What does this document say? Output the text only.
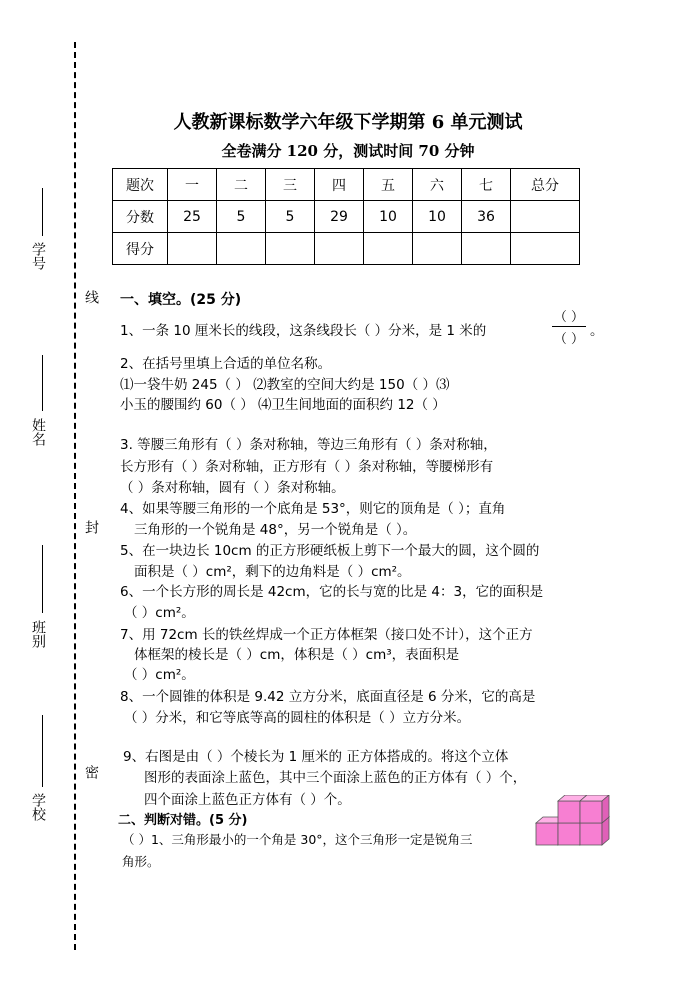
学号
姓名
班别
学校
线
封
密
人教新课标数学六年级下学期第 6 单元测试
全卷满分 120 分，测试时间 70 分钟
题次	一	二	三	四	五	六	七	总分
分数	25	5	5	29	10	10	36	
得分								
一、填空。(25 分)
1、一条 10 厘米长的线段，这条线段长（ ）分米，是 1 米的
（ ）
（ ）
。
2、在括号里填上合适的单位名称。
⑴一袋牛奶 245（ ） ⑵教室的空间大约是 150（ ）⑶
小玉的腰围约 60（ ） ⑷卫生间地面的面积约 12（ ）
3. 等腰三角形有（ ）条对称轴，等边三角形有（ ）条对称轴，
长方形有（ ）条对称轴，正方形有（ ）条对称轴，等腰梯形有
（ ）条对称轴，圆有（ ）条对称轴。
4、如果等腰三角形的一个底角是 53°，则它的顶角是（ ）；直角
三角形的一个锐角是 48°，另一个锐角是（ ）。
5、在一块边长 10cm 的正方形硬纸板上剪下一个最大的圆，这个圆的
面积是（ ）cm²，剩下的边角料是（ ）cm²。
6、一个长方形的周长是 42cm，它的长与宽的比是 4：3，它的面积是
（ ）cm²。
7、用 72cm 长的铁丝焊成一个正方体框架（接口处不计），这个正方
体框架的棱长是（ ）cm，体积是（ ）cm³，表面积是
（ ）cm²。
8、一个圆锥的体积是 9.42 立方分米，底面直径是 6 分米，它的高是
（ ）分米，和它等底等高的圆柱的体积是（ ）立方分米。
9、右图是由（ ）个棱长为 1 厘米的 正方体搭成的。将这个立体
图形的表面涂上蓝色，其中三个面涂上蓝色的正方体有（ ）个，
四个面涂上蓝色正方体有（ ）个。
二、判断对错。(5 分)
（ ）1、三角形最小的一个角是 30°，这个三角形一定是锐角三
角形。
